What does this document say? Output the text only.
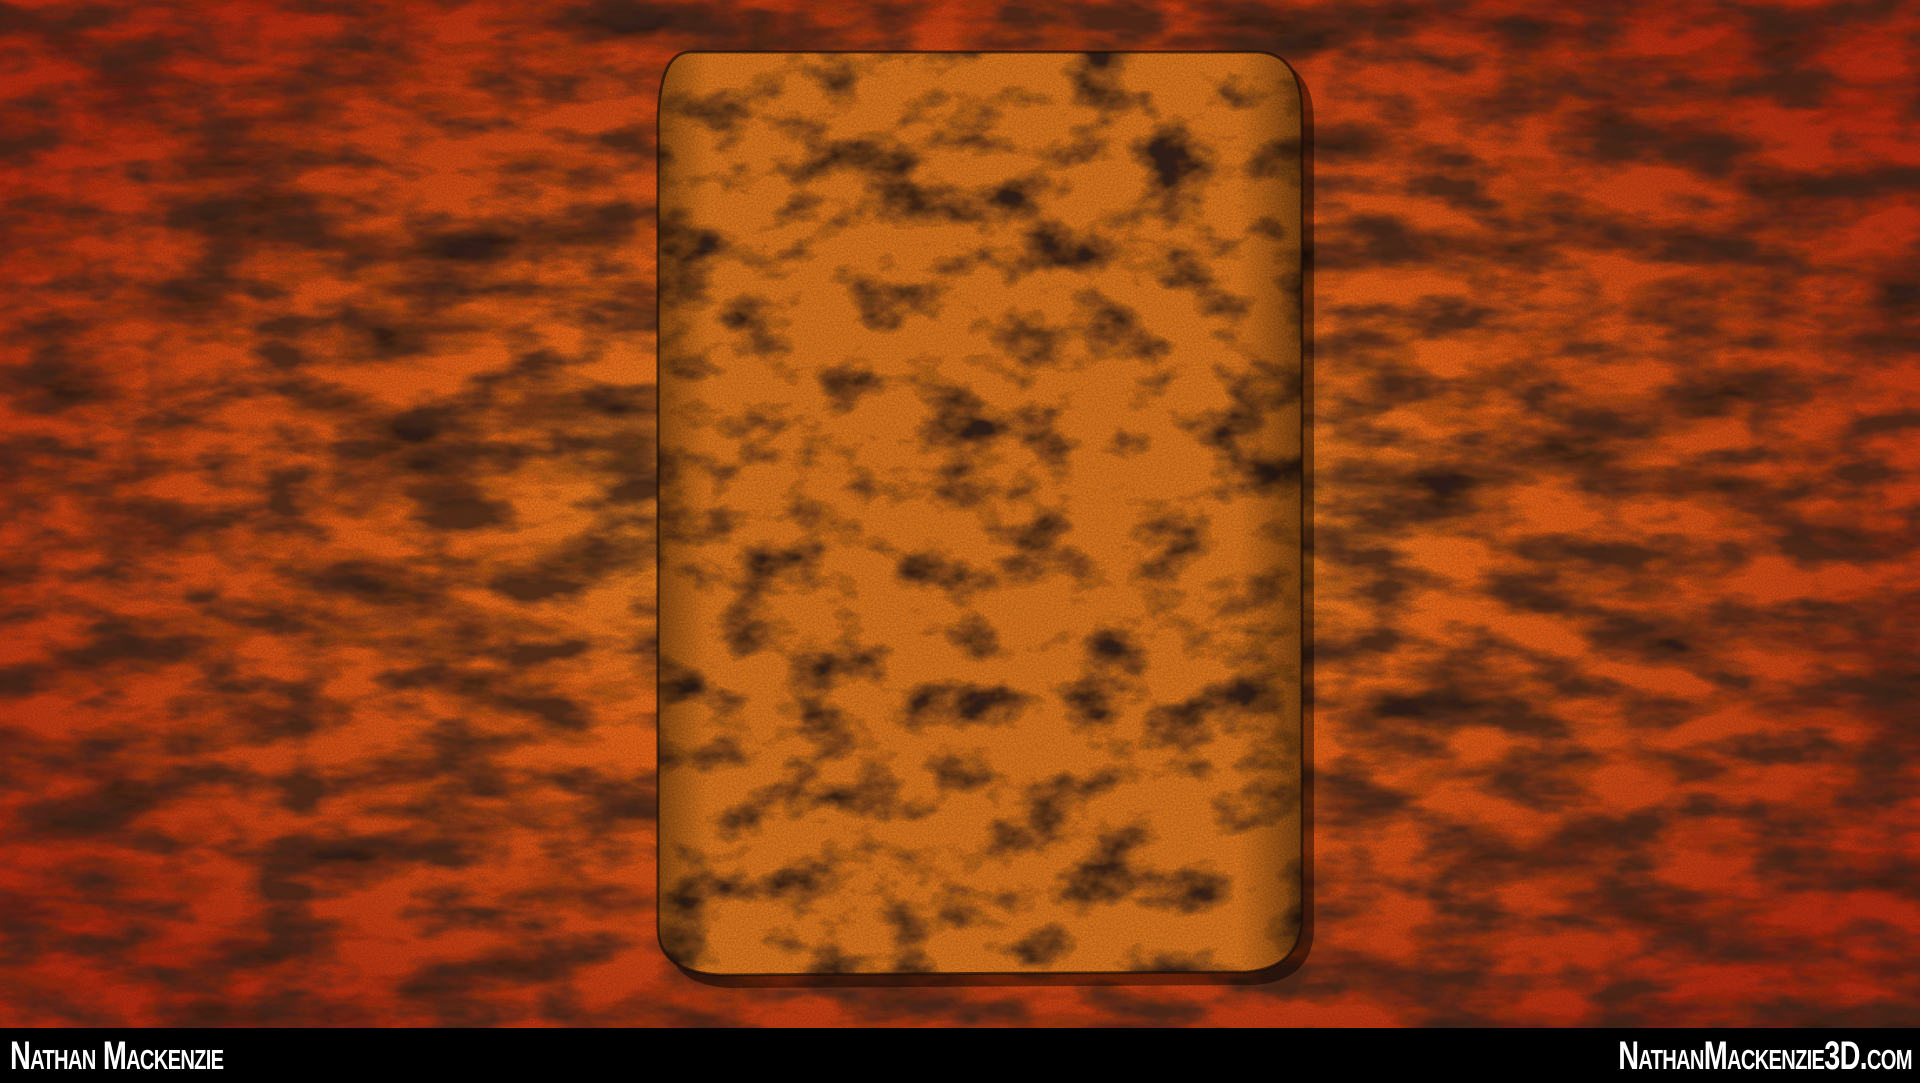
Nathan Mackenzie	NathanMackenzie3D.com
